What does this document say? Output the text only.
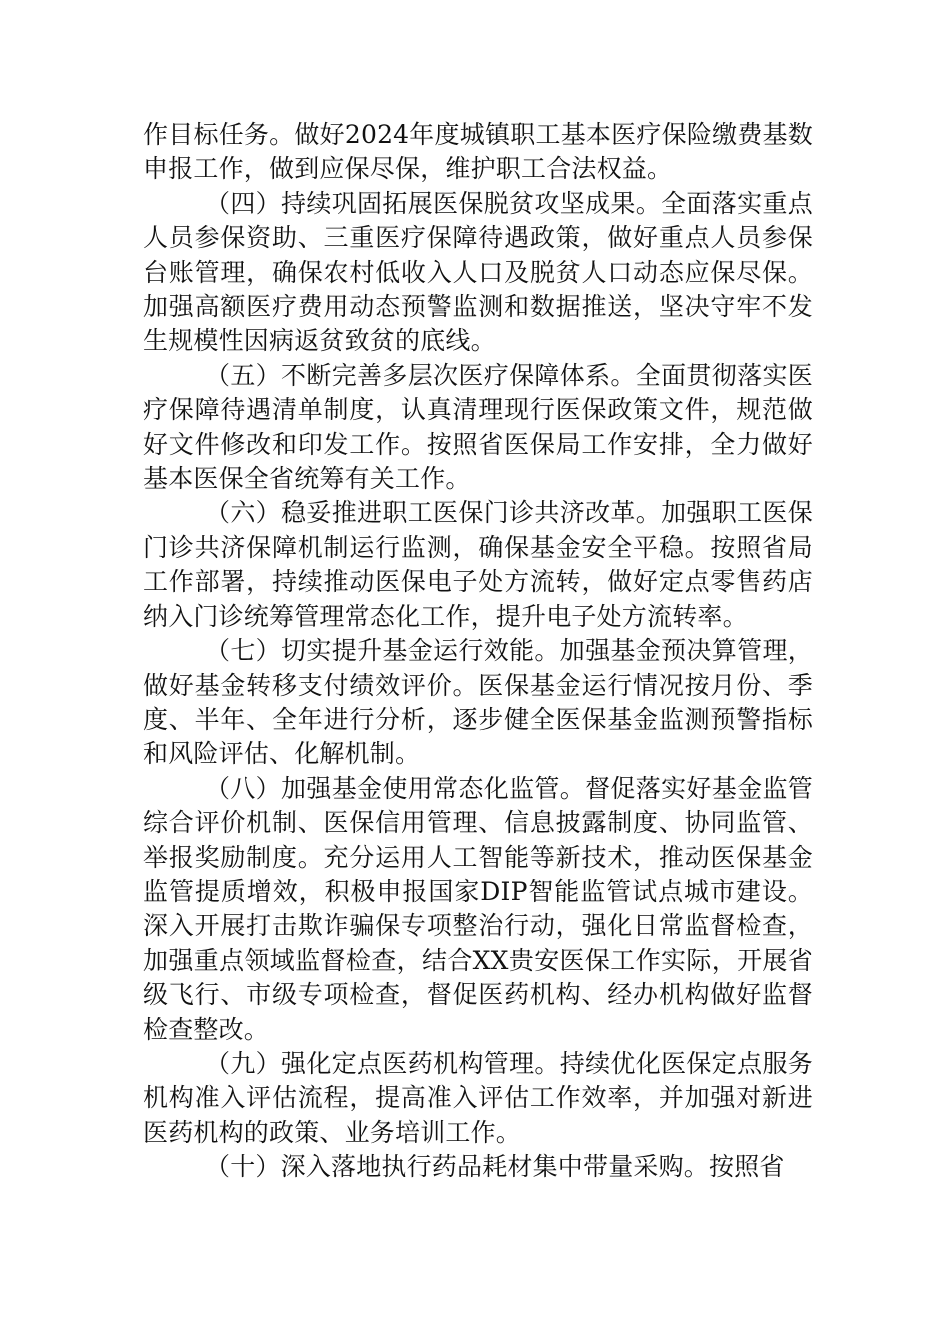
作目标任务。做好2024年度城镇职工基本医疗保险缴费基数申报工作，做到应保尽保，维护职工合法权益。

（四）持续巩固拓展医保脱贫攻坚成果。全面落实重点人员参保资助、三重医疗保障待遇政策，做好重点人员参保台账管理，确保农村低收入人口及脱贫人口动态应保尽保。加强高额医疗费用动态预警监测和数据推送，坚决守牢不发生规模性因病返贫致贫的底线。

（五）不断完善多层次医疗保障体系。全面贯彻落实医疗保障待遇清单制度，认真清理现行医保政策文件，规范做好文件修改和印发工作。按照省医保局工作安排，全力做好基本医保全省统筹有关工作。

（六）稳妥推进职工医保门诊共济改革。加强职工医保门诊共济保障机制运行监测，确保基金安全平稳。按照省局工作部署，持续推动医保电子处方流转，做好定点零售药店纳入门诊统筹管理常态化工作，提升电子处方流转率。

（七）切实提升基金运行效能。加强基金预决算管理，做好基金转移支付绩效评价。医保基金运行情况按月份、季度、半年、全年进行分析，逐步健全医保基金监测预警指标和风险评估、化解机制。

（八）加强基金使用常态化监管。督促落实好基金监管综合评价机制、医保信用管理、信息披露制度、协同监管、举报奖励制度。充分运用人工智能等新技术，推动医保基金监管提质增效，积极申报国家DIP智能监管试点城市建设。深入开展打击欺诈骗保专项整治行动，强化日常监督检查，加强重点领域监督检查，结合XX贵安医保工作实际，开展省级飞行、市级专项检查，督促医药机构、经办机构做好监督检查整改。

（九）强化定点医药机构管理。持续优化医保定点服务机构准入评估流程，提高准入评估工作效率，并加强对新进医药机构的政策、业务培训工作。

（十）深入落地执行药品耗材集中带量采购。按照省
